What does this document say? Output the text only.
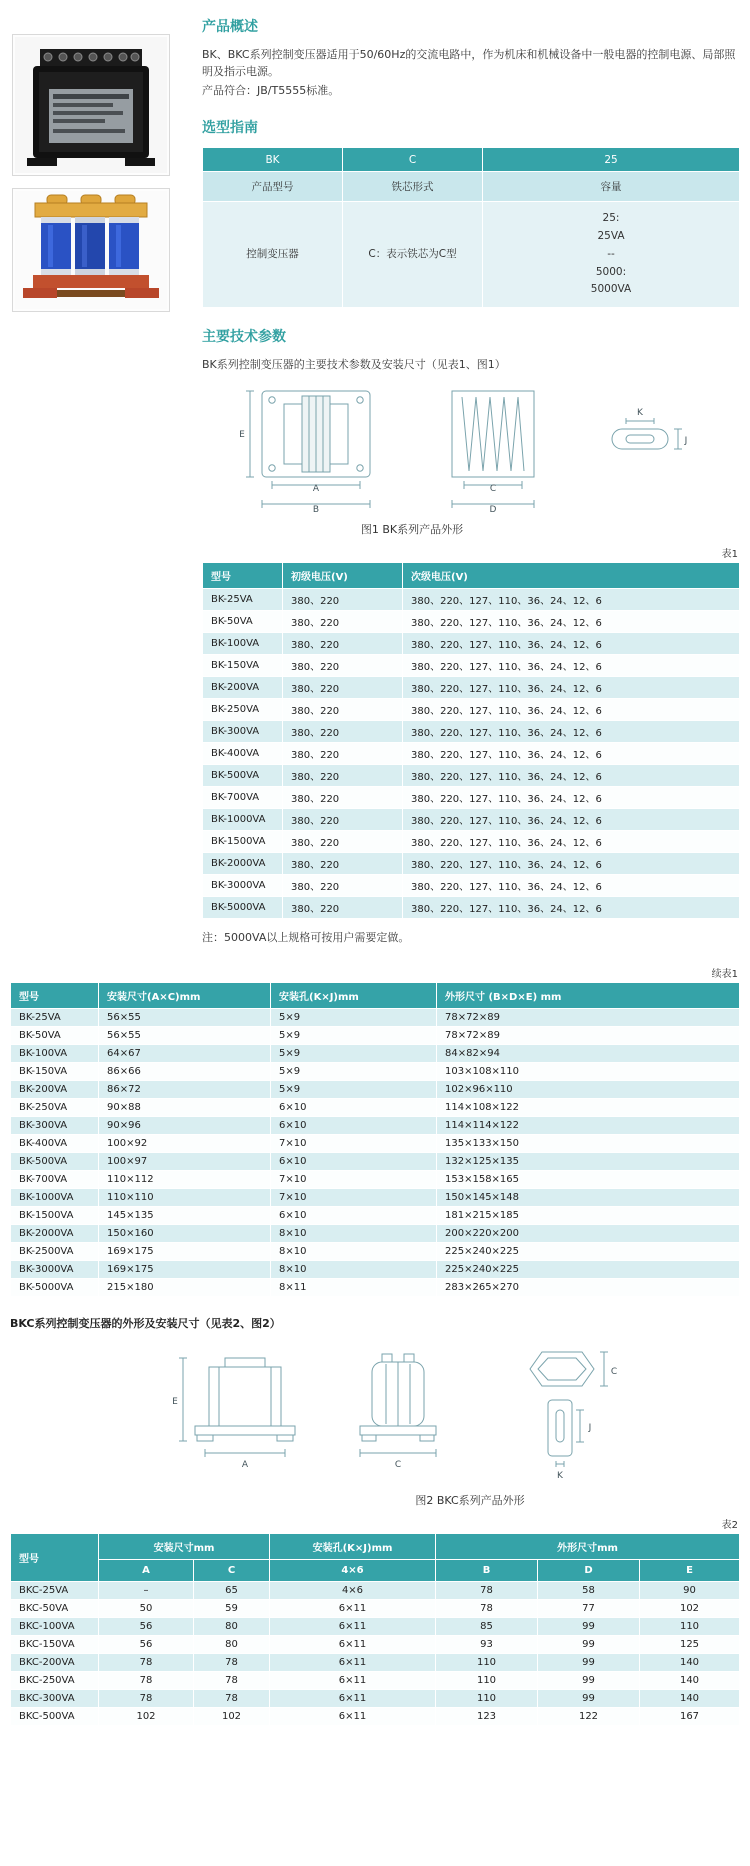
产品概述

BK、BKC系列控制变压器适用于50/60Hz的交流电路中，作为机床和机械设备中一般电器的控制电源、局部照明及指示电源。

产品符合：JB/T5555标准。

选型指南
BK	C	25
产品型号	铁芯形式	容量
控制变压器	C：表示铁芯为C型	25:
25VA
--
5000:
5000VA
主要技术参数

BK系列控制变压器的主要技术参数及安装尺寸（见表1、图1）

E
A
B
C
D
K
J
图1 BK系列产品外形
表1
型号	初级电压(V)	次级电压(V)
BK-25VA	380、220	380、220、127、110、36、24、12、6
BK-50VA	380、220	380、220、127、110、36、24、12、6
BK-100VA	380、220	380、220、127、110、36、24、12、6
BK-150VA	380、220	380、220、127、110、36、24、12、6
BK-200VA	380、220	380、220、127、110、36、24、12、6
BK-250VA	380、220	380、220、127、110、36、24、12、6
BK-300VA	380、220	380、220、127、110、36、24、12、6
BK-400VA	380、220	380、220、127、110、36、24、12、6
BK-500VA	380、220	380、220、127、110、36、24、12、6
BK-700VA	380、220	380、220、127、110、36、24、12、6
BK-1000VA	380、220	380、220、127、110、36、24、12、6
BK-1500VA	380、220	380、220、127、110、36、24、12、6
BK-2000VA	380、220	380、220、127、110、36、24、12、6
BK-3000VA	380、220	380、220、127、110、36、24、12、6
BK-5000VA	380、220	380、220、127、110、36、24、12、6

注：5000VA以上规格可按用户需要定做。

续表1
型号	安装尺寸(A×C)mm	安装孔(K×J)mm	外形尺寸 (B×D×E) mm
BK-25VA	56×55	5×9	78×72×89
BK-50VA	56×55	5×9	78×72×89
BK-100VA	64×67	5×9	84×82×94
BK-150VA	86×66	5×9	103×108×110
BK-200VA	86×72	5×9	102×96×110
BK-250VA	90×88	6×10	114×108×122
BK-300VA	90×96	6×10	114×114×122
BK-400VA	100×92	7×10	135×133×150
BK-500VA	100×97	6×10	132×125×135
BK-700VA	110×112	7×10	153×158×165
BK-1000VA	110×110	7×10	150×145×148
BK-1500VA	145×135	6×10	181×215×185
BK-2000VA	150×160	8×10	200×220×200
BK-2500VA	169×175	8×10	225×240×225
BK-3000VA	169×175	8×10	225×240×225
BK-5000VA	215×180	8×11	283×265×270

BKC系列控制变压器的外形及安装尺寸（见表2、图2）

E
A	C
C
J
K
图2 BKC系列产品外形
表2
型号	安装尺寸mm		安装孔(K×J)mm	外形尺寸mm		
	A	C	4×6	B	D	E
BKC-25VA	–	65	4×6	78	58	90
BKC-50VA	50	59	6×11	78	77	102
BKC-100VA	56	80	6×11	85	99	110
BKC-150VA	56	80	6×11	93	99	125
BKC-200VA	78	78	6×11	110	99	140
BKC-250VA	78	78	6×11	110	99	140
BKC-300VA	78	78	6×11	110	99	140
BKC-500VA	102	102	6×11	123	122	167
